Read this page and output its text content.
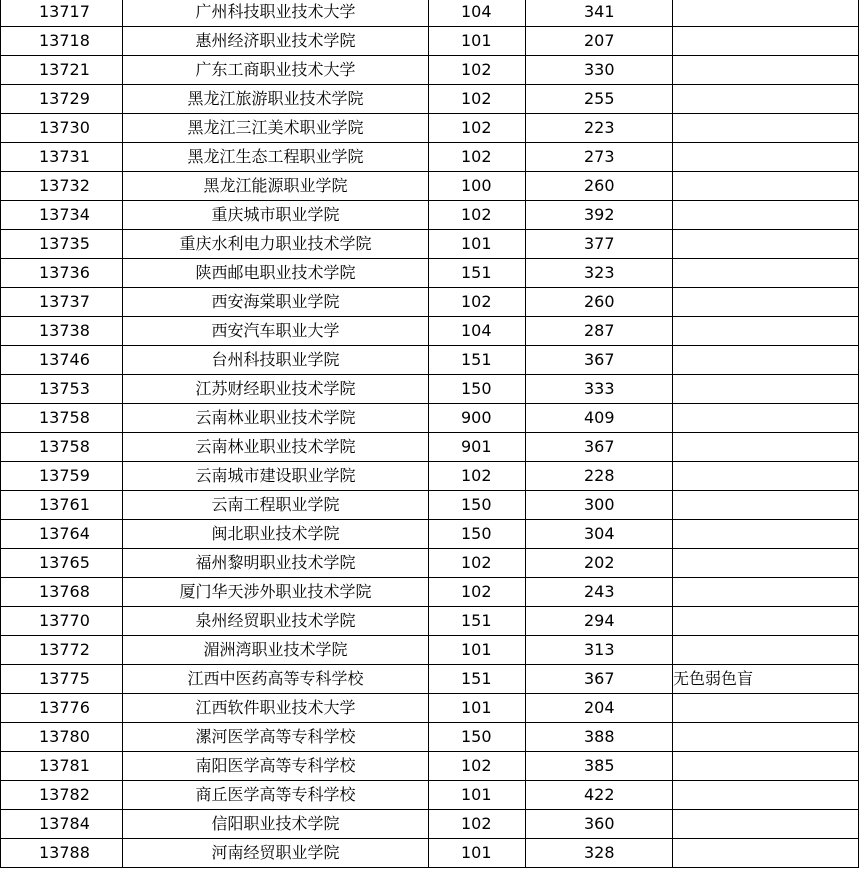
13717	广州科技职业技术大学	104	341	
13718	惠州经济职业技术学院	101	207	
13721	广东工商职业技术大学	102	330	
13729	黑龙江旅游职业技术学院	102	255	
13730	黑龙江三江美术职业学院	102	223	
13731	黑龙江生态工程职业学院	102	273	
13732	黑龙江能源职业学院	100	260	
13734	重庆城市职业学院	102	392	
13735	重庆水利电力职业技术学院	101	377	
13736	陕西邮电职业技术学院	151	323	
13737	西安海棠职业学院	102	260	
13738	西安汽车职业大学	104	287	
13746	台州科技职业学院	151	367	
13753	江苏财经职业技术学院	150	333	
13758	云南林业职业技术学院	900	409	
13758	云南林业职业技术学院	901	367	
13759	云南城市建设职业学院	102	228	
13761	云南工程职业学院	150	300	
13764	闽北职业技术学院	150	304	
13765	福州黎明职业技术学院	102	202	
13768	厦门华天涉外职业技术学院	102	243	
13770	泉州经贸职业技术学院	151	294	
13772	湄洲湾职业技术学院	101	313	
13775	江西中医药高等专科学校	151	367	无色弱色盲
13776	江西软件职业技术大学	101	204	
13780	漯河医学高等专科学校	150	388	
13781	南阳医学高等专科学校	102	385	
13782	商丘医学高等专科学校	101	422	
13784	信阳职业技术学院	102	360	
13788	河南经贸职业学院	101	328	
